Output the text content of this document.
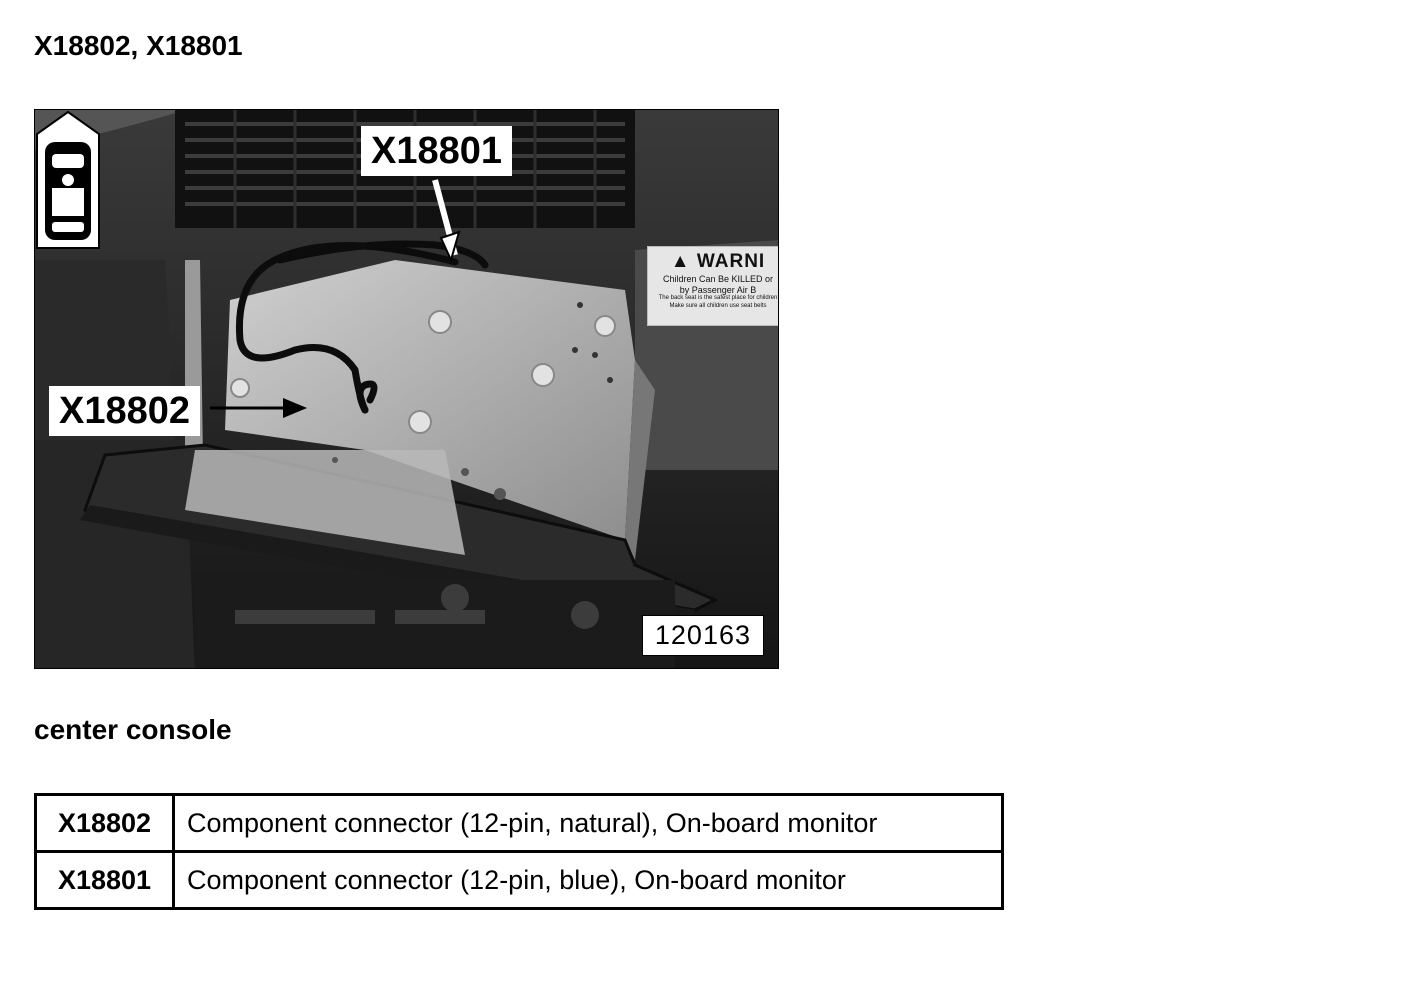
X18802, X18801
▲ WARNI
Children Can Be KILLED or
by Passenger Air B
The back seat is the safest place for children
Make sure all children use seat belts
X18801
X18802
120163
center console
X18802	Component connector (12-pin, natural), On-board monitor
X18801	Component connector (12-pin, blue), On-board monitor
